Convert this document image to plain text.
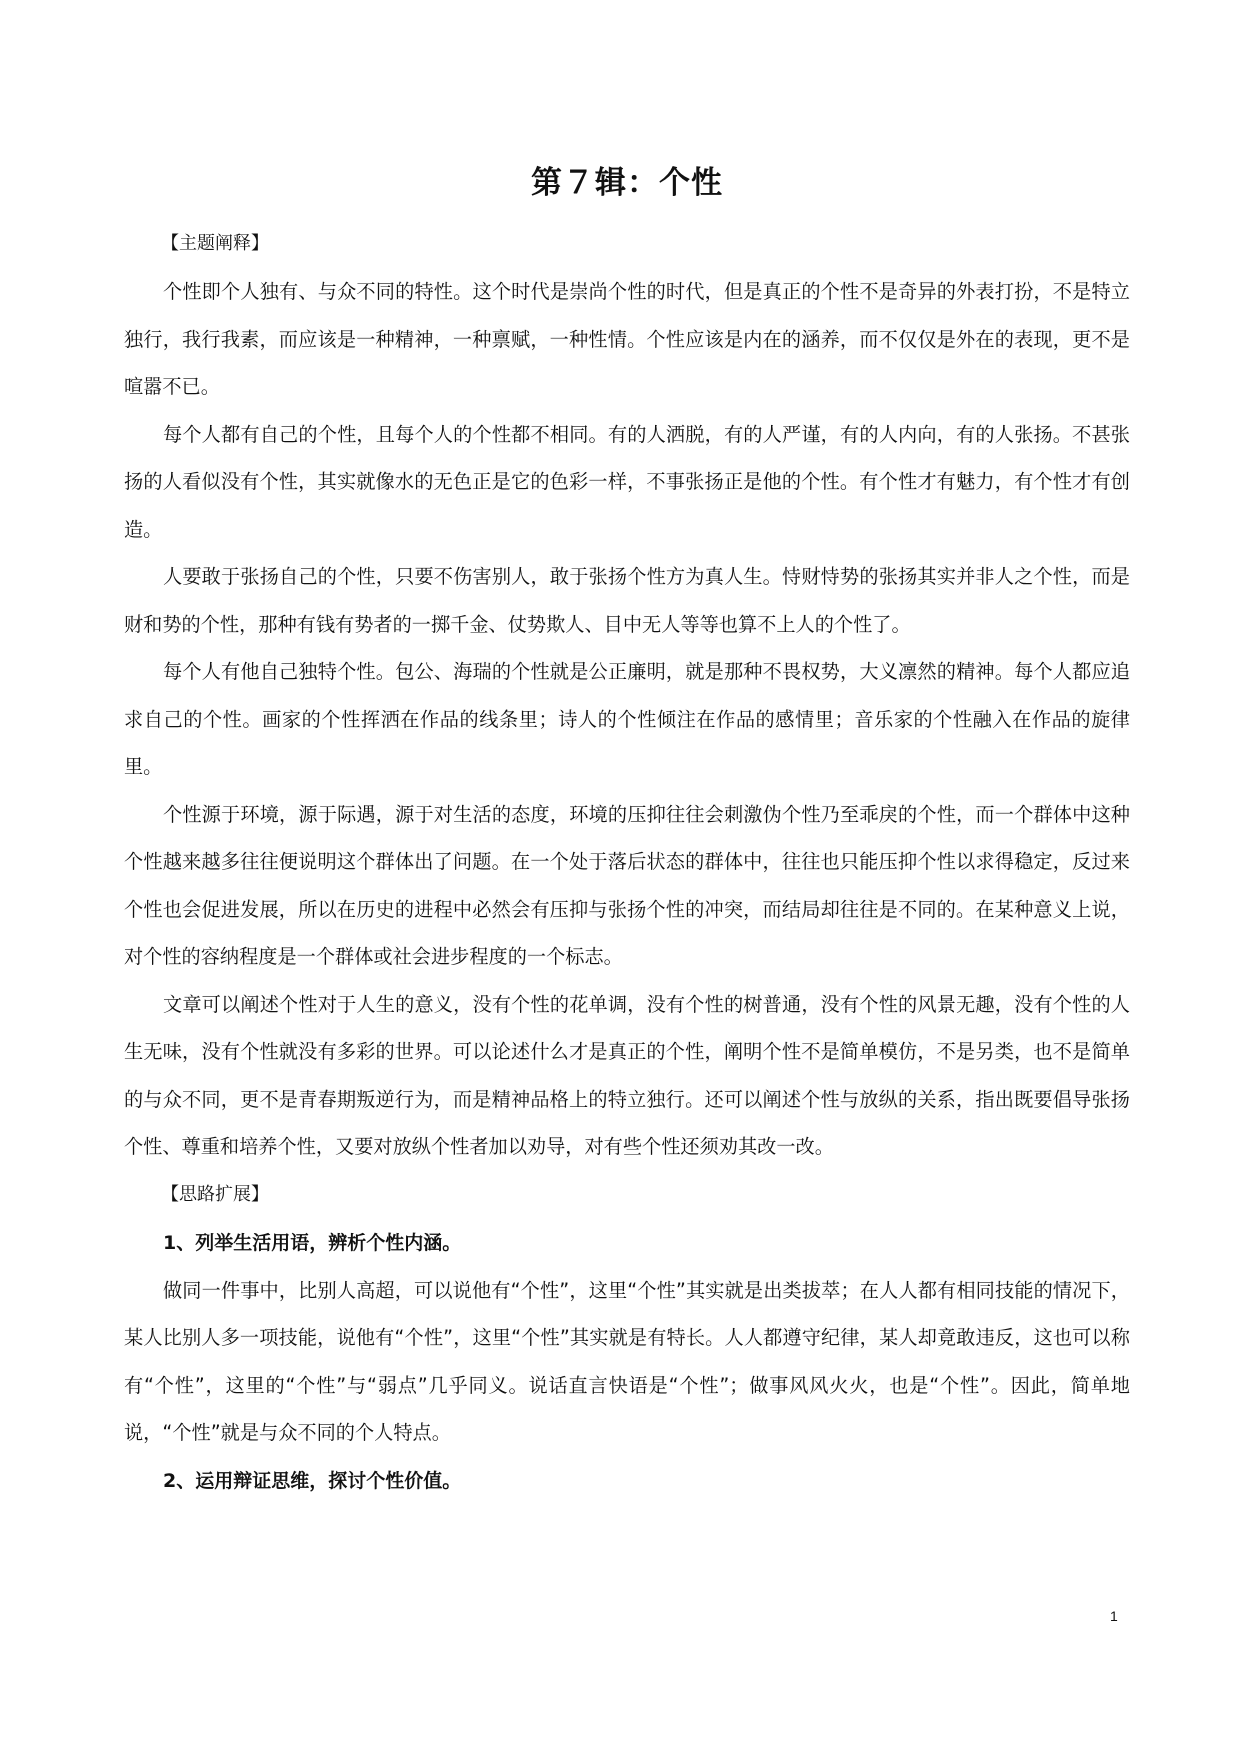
第７辑：个性

【主题阐释】

个性即个人独有、与众不同的特性。这个时代是崇尚个性的时代，但是真正的个性不是奇异的外表打扮，不是特立独行，我行我素，而应该是一种精神，一种禀赋，一种性情。个性应该是内在的涵养，而不仅仅是外在的表现，更不是喧嚣不已。

每个人都有自己的个性，且每个人的个性都不相同。有的人洒脱，有的人严谨，有的人内向，有的人张扬。不甚张扬的人看似没有个性，其实就像水的无色正是它的色彩一样，不事张扬正是他的个性。有个性才有魅力，有个性才有创造。

人要敢于张扬自己的个性，只要不伤害别人，敢于张扬个性方为真人生。恃财恃势的张扬其实并非人之个性，而是财和势的个性，那种有钱有势者的一掷千金、仗势欺人、目中无人等等也算不上人的个性了。

每个人有他自己独特个性。包公、海瑞的个性就是公正廉明，就是那种不畏权势，大义凛然的精神。每个人都应追求自己的个性。画家的个性挥洒在作品的线条里；诗人的个性倾注在作品的感情里；音乐家的个性融入在作品的旋律里。

个性源于环境，源于际遇，源于对生活的态度，环境的压抑往往会刺激伪个性乃至乖戾的个性，而一个群体中这种个性越来越多往往便说明这个群体出了问题。在一个处于落后状态的群体中，往往也只能压抑个性以求得稳定，反过来个性也会促进发展，所以在历史的进程中必然会有压抑与张扬个性的冲突，而结局却往往是不同的。在某种意义上说，对个性的容纳程度是一个群体或社会进步程度的一个标志。

文章可以阐述个性对于人生的意义，没有个性的花单调，没有个性的树普通，没有个性的风景无趣，没有个性的人生无味，没有个性就没有多彩的世界。可以论述什么才是真正的个性，阐明个性不是简单模仿，不是另类，也不是简单的与众不同，更不是青春期叛逆行为，而是精神品格上的特立独行。还可以阐述个性与放纵的关系，指出既要倡导张扬个性、尊重和培养个性，又要对放纵个性者加以劝导，对有些个性还须劝其改一改。

【思路扩展】

1、列举生活用语，辨析个性内涵。

做同一件事中，比别人高超，可以说他有“个性”，这里“个性”其实就是出类拔萃；在人人都有相同技能的情况下，某人比别人多一项技能，说他有“个性”，这里“个性”其实就是有特长。人人都遵守纪律，某人却竟敢违反，这也可以称有“个性”，这里的“个性”与“弱点”几乎同义。说话直言快语是“个性”；做事风风火火，也是“个性”。因此，简单地说，“个性”就是与众不同的个人特点。

2、运用辩证思维，探讨个性价值。

1
